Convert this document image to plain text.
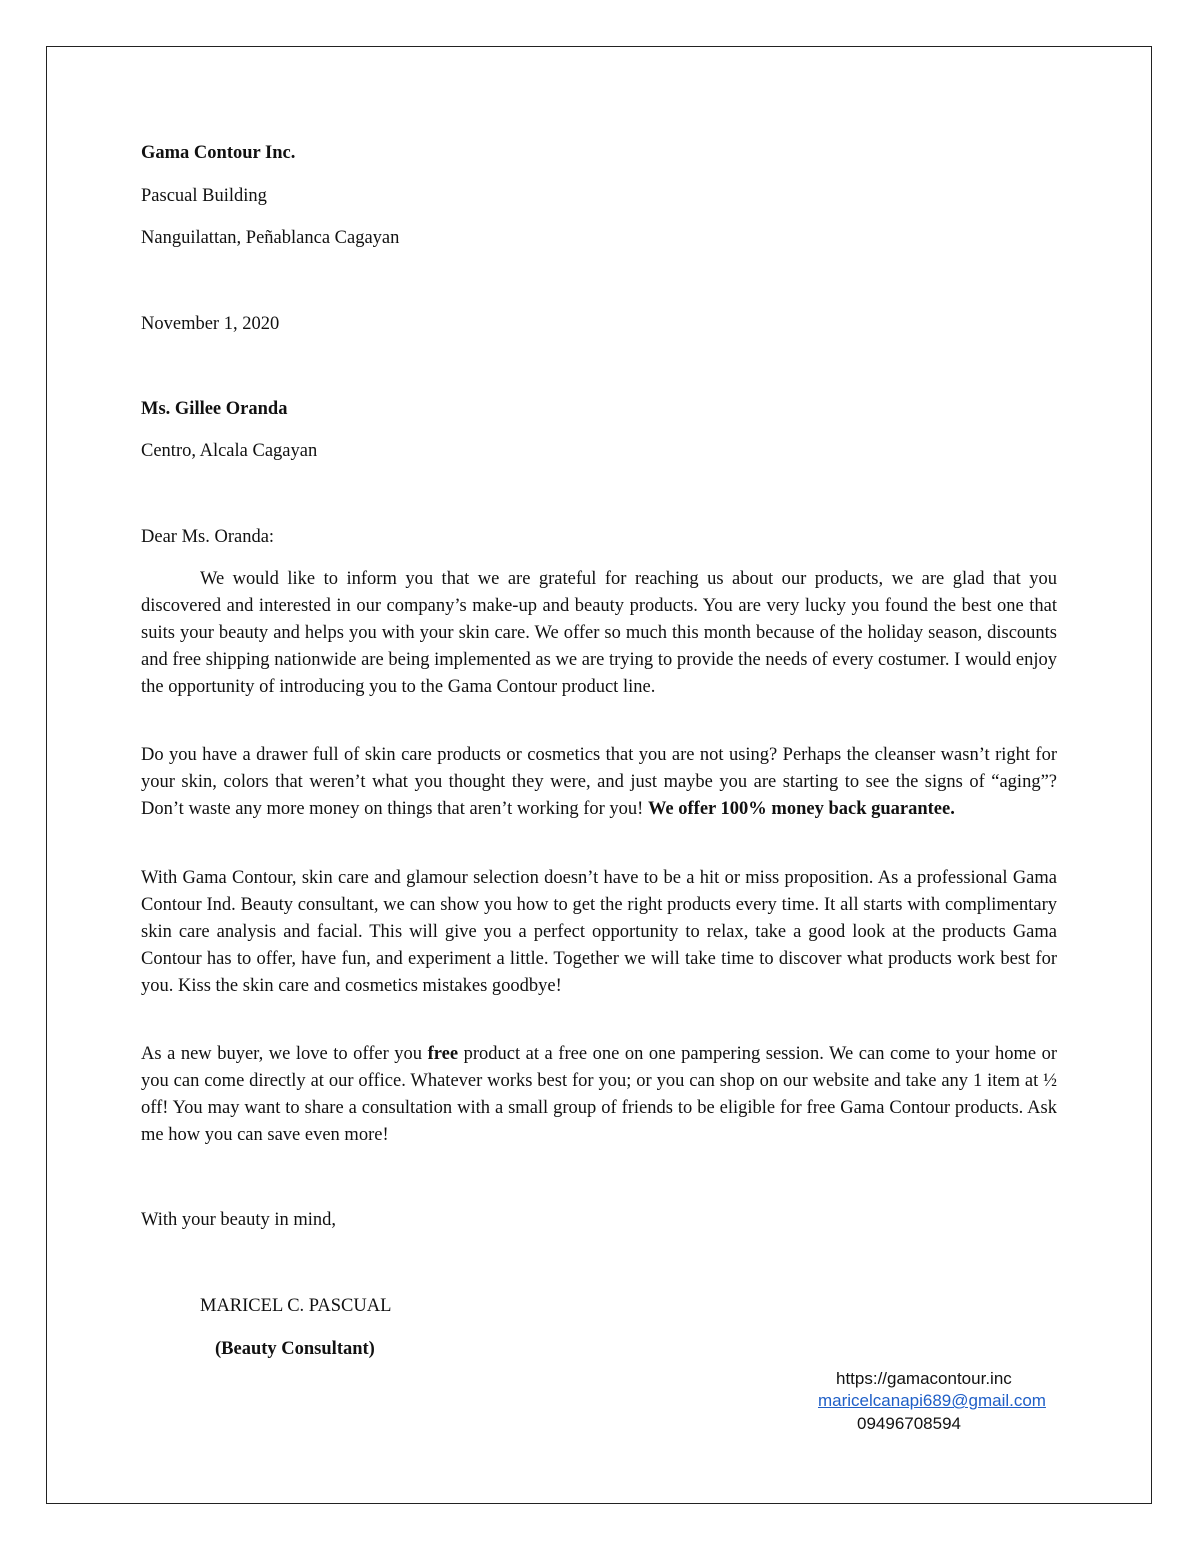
Gama Contour Inc.
Pascual Building
Nanguilattan, Peñablanca Cagayan
November 1, 2020
Ms. Gillee Oranda
Centro, Alcala Cagayan
Dear Ms. Oranda:
We would like to inform you that we are grateful for reaching us about our products, we are glad that you discovered and interested in our company’s make-up and beauty products. You are very lucky you found the best one that suits your beauty and helps you with your skin care. We offer so much this month because of the holiday season, discounts and free shipping nationwide are being implemented as we are trying to provide the needs of every costumer. I would enjoy the opportunity of introducing you to the Gama Contour product line.
Do you have a drawer full of skin care products or cosmetics that you are not using? Perhaps the cleanser wasn’t right for your skin, colors that weren’t what you thought they were, and just maybe you are starting to see the signs of “aging”? Don’t waste any more money on things that aren’t working for you! We offer 100% money back guarantee.
With Gama Contour, skin care and glamour selection doesn’t have to be a hit or miss proposition. As a professional Gama Contour Ind. Beauty consultant, we can show you how to get the right products every time. It all starts with complimentary skin care analysis and facial. This will give you a perfect opportunity to relax, take a good look at the products Gama Contour has to offer, have fun, and experiment a little. Together we will take time to discover what products work best for you. Kiss the skin care and cosmetics mistakes goodbye!
As a new buyer, we love to offer you free product at a free one on one pampering session. We can come to your home or you can come directly at our office. Whatever works best for you; or you can shop on our website and take any 1 item at ½ off! You may want to share a consultation with a small group of friends to be eligible for free Gama Contour products. Ask me how you can save even more!
With your beauty in mind,
MARICEL C. PASCUAL
(Beauty Consultant)
https://gamacontour.inc
maricelcanapi689@gmail.com
09496708594
